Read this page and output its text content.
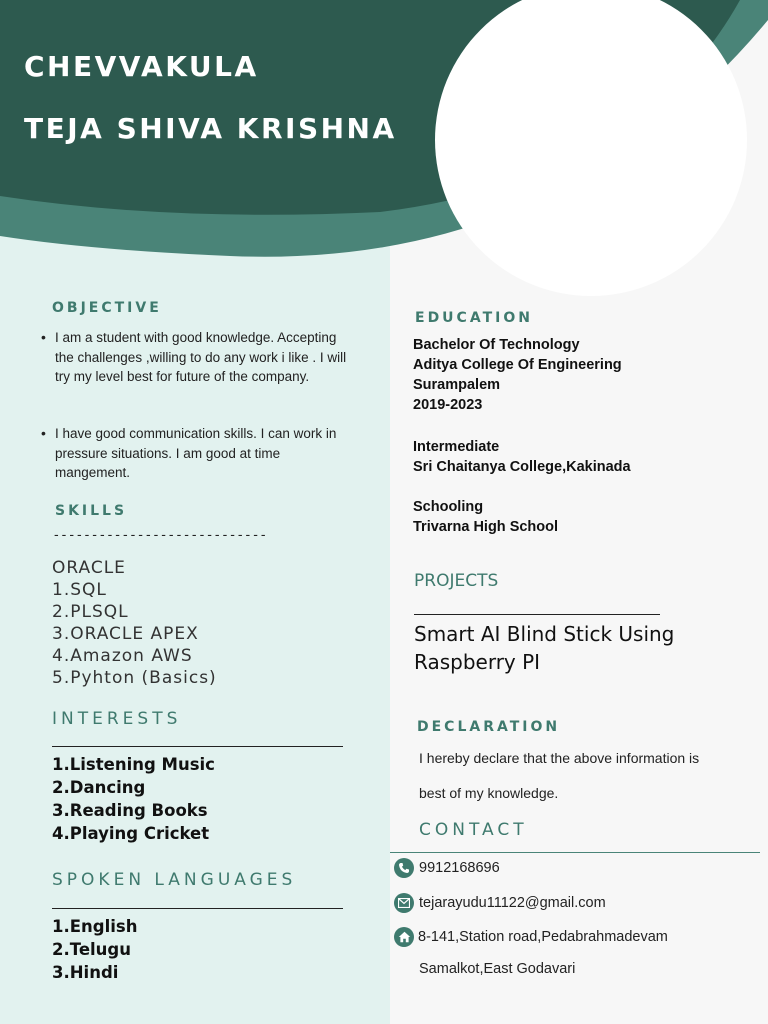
CHEVVAKULA
TEJA SHIVA KRISHNA
OBJECTIVE
• I am a student with good knowledge. Accepting the challenges ,willing to do any work i like . I will try my level best for future of the company.
• I have good communication skills. I can work in pressure situations. I am good at time mangement.
SKILLS
----------------------------
ORACLE
1.SQL
2.PLSQL
3.ORACLE APEX
4.Amazon AWS
5.Pyhton (Basics)
INTERESTS
1.Listening Music
2.Dancing
3.Reading Books
4.Playing Cricket
SPOKEN LANGUAGES
1.English
2.Telugu
3.Hindi
EDUCATION
Bachelor Of Technology
Aditya College Of Engineering
Surampalem
2019-2023
Intermediate
Sri Chaitanya College,Kakinada
Schooling
Trivarna High School
PROJECTS
Smart AI Blind Stick Using Raspberry PI
DECLARATION
I hereby declare that the above information is
best of my knowledge.
CONTACT
9912168696
tejarayudu11122@gmail.com
8-141,Station road,Pedabrahmadevam
Samalkot,East Godavari
